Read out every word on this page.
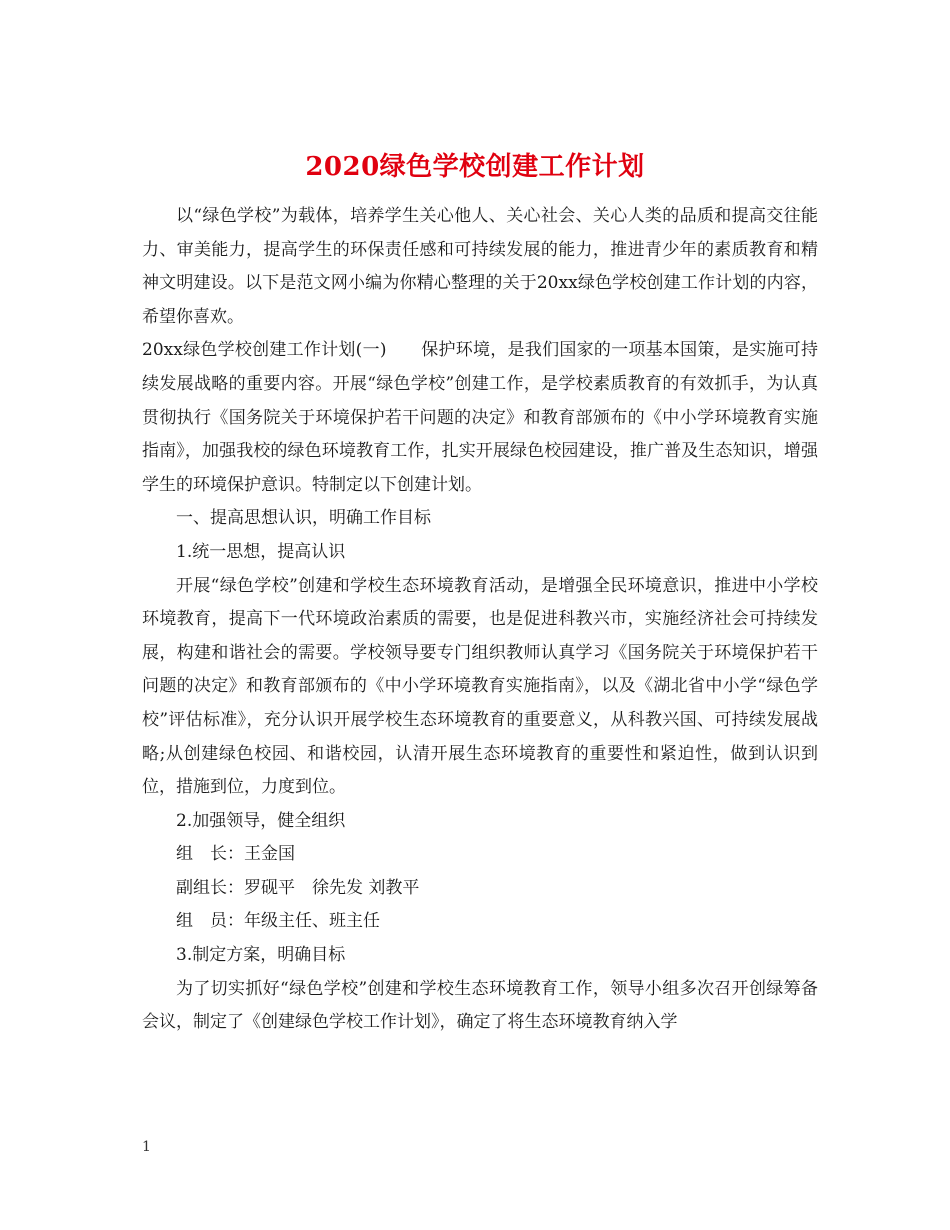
2020绿色学校创建工作计划

以“绿色学校”为载体，培养学生关心他人、关心社会、关心人类的品质和提高交往能力、审美能力，提高学生的环保责任感和可持续发展的能力，推进青少年的素质教育和精神文明建设。以下是范文网小编为你精心整理的关于20xx绿色学校创建工作计划的内容，希望你喜欢。

20xx绿色学校创建工作计划(一)　　保护环境，是我们国家的一项基本国策，是实施可持续发展战略的重要内容。开展“绿色学校”创建工作，是学校素质教育的有效抓手，为认真贯彻执行《国务院关于环境保护若干问题的决定》和教育部颁布的《中小学环境教育实施指南》，加强我校的绿色环境教育工作，扎实开展绿色校园建设，推广普及生态知识，增强学生的环境保护意识。特制定以下创建计划。

一、提高思想认识，明确工作目标

1.统一思想，提高认识

开展“绿色学校”创建和学校生态环境教育活动，是增强全民环境意识，推进中小学校环境教育，提高下一代环境政治素质的需要，也是促进科教兴市，实施经济社会可持续发展，构建和谐社会的需要。学校领导要专门组织教师认真学习《国务院关于环境保护若干问题的决定》和教育部颁布的《中小学环境教育实施指南》，以及《湖北省中小学“绿色学校”评估标准》，充分认识开展学校生态环境教育的重要意义，从科教兴国、可持续发展战略;从创建绿色校园、和谐校园，认清开展生态环境教育的重要性和紧迫性，做到认识到位，措施到位，力度到位。

2.加强领导，健全组织

组　长：王金国

副组长：罗砚平　徐先发 刘教平

组　员：年级主任、班主任

3.制定方案，明确目标

为了切实抓好“绿色学校”创建和学校生态环境教育工作，领导小组多次召开创绿筹备会议，制定了《创建绿色学校工作计划》，确定了将生态环境教育纳入学

1
